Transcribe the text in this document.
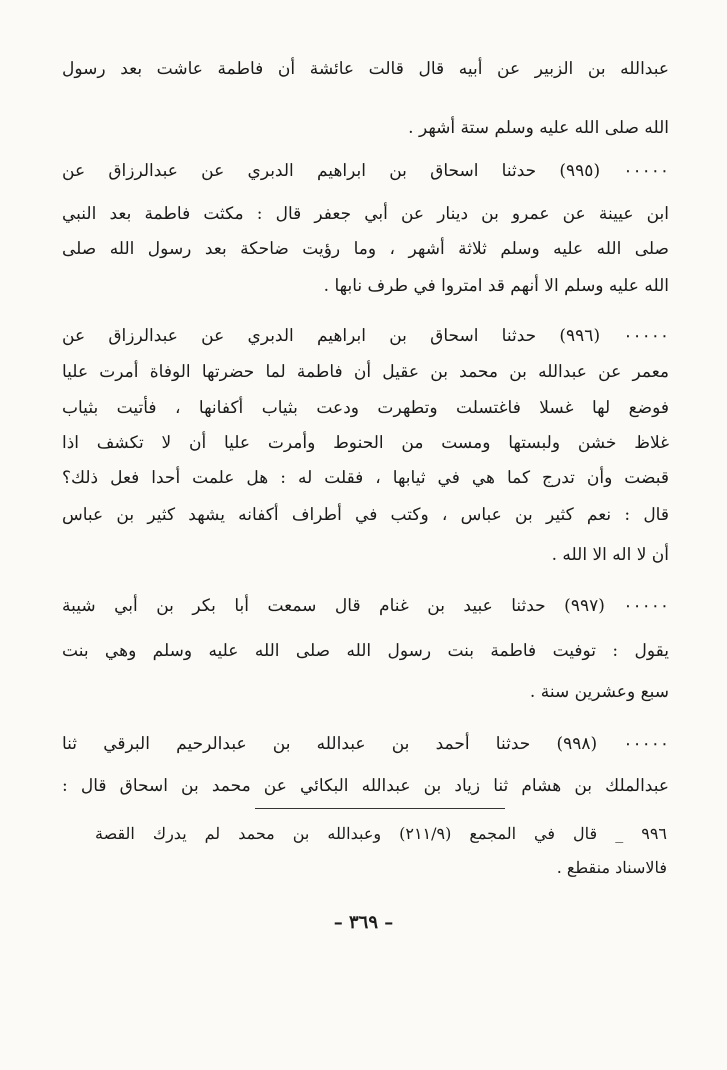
عبدالله بن الزبير عن أبيه قال قالت عائشة أن فاطمة عاشت بعد رسول
الله صلى الله عليه وسلم ستة أشهر .
٠٠٠٠٠ (٩٩٥) حدثنا اسحاق بن ابراهيم الدبري عن عبدالرزاق عن
ابن عيينة عن عمرو بن دينار عن أبي جعفر قال : مكثت فاطمة بعد النبي
صلى الله عليه وسلم ثلاثة أشهر ، وما رؤيت ضاحكة بعد رسول الله صلى
الله عليه وسلم الا أنهم قد امتروا في طرف نابها .
٠٠٠٠٠ (٩٩٦) حدثنا اسحاق بن ابراهيم الدبري عن عبدالرزاق عن
معمر عن عبدالله بن محمد بن عقيل أن فاطمة لما حضرتها الوفاة أمرت عليا
فوضع لها غسلا فاغتسلت وتطهرت ودعت بثياب أكفانها ، فأتيت بثياب
غلاظ خشن ولبستها ومست من الحنوط وأمرت عليا أن لا تكشف اذا
قبضت وأن تدرج كما هي في ثيابها ، فقلت له : هل علمت أحدا فعل ذلك؟
قال : نعم كثير بن عباس ، وكتب في أطراف أكفانه يشهد كثير بن عباس
أن لا اله الا الله .
٠٠٠٠٠ (٩٩٧) حدثنا عبيد بن غنام قال سمعت أبا بكر بن أبي شيبة
يقول : توفيت فاطمة بنت رسول الله صلى الله عليه وسلم وهي بنت
سبع وعشرين سنة .
٠٠٠٠٠ (٩٩٨) حدثنا أحمد بن عبدالله بن عبدالرحيم البرقي ثنا
عبدالملك بن هشام ثنا زياد بن عبدالله البكائي عن محمد بن اسحاق قال :
٩٩٦ _ قال في المجمع (٢١١/٩) وعبدالله بن محمد لم يدرك القصة
فالاسناد منقطع .
– ٣٦٩ –
